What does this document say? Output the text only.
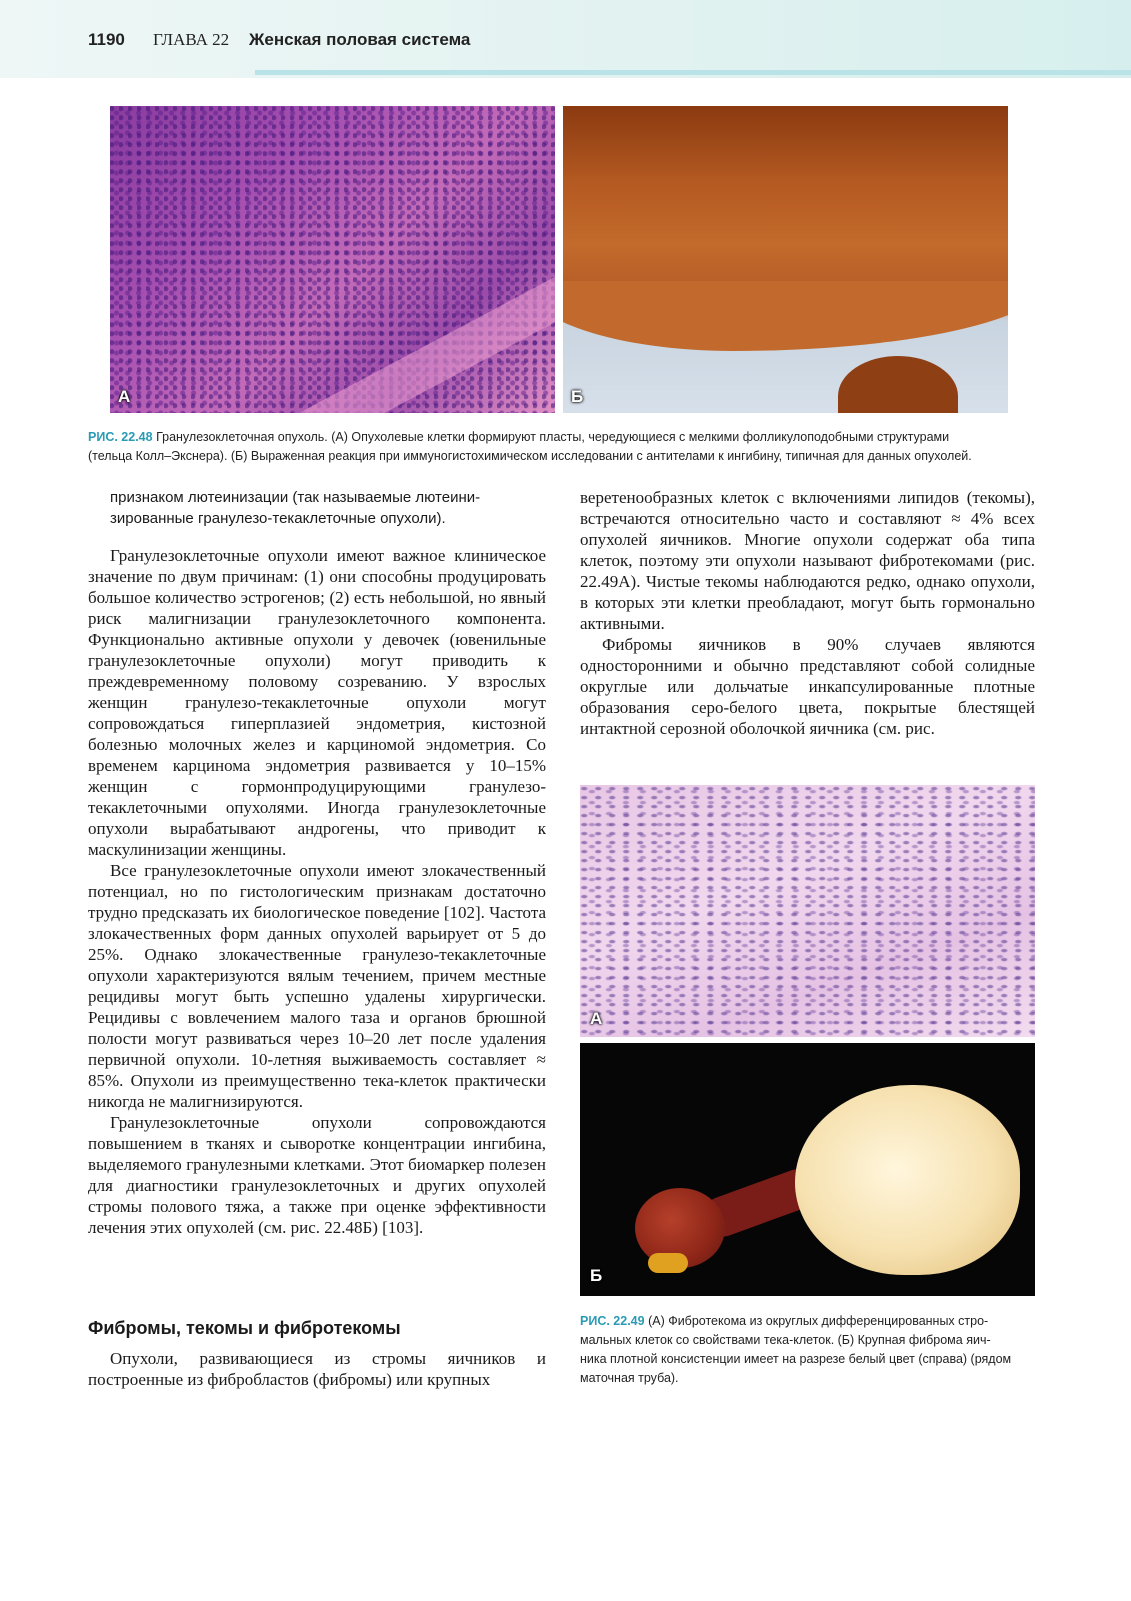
1190 ГЛАВА 22 Женская половая система
А	Б
РИС. 22.48 Гранулезоклеточная опухоль. (А) Опухолевые клетки формируют пласты, чередующиеся с мелкими фолликулоподобными структурами
(тельца Колл–Экснера). (Б) Выраженная реакция при иммуногистохимическом исследовании с антителами к ингибину, типичная для данных опухолей.
признаком лютеинизации (так называемые лютеини-
зированные гранулезо-текаклеточные опухоли).

Гранулезоклеточные опухоли имеют важное клиническое значение по двум причинам: (1) они способны продуцировать большое количество эстрогенов; (2) есть небольшой, но явный риск малигнизации гранулезоклеточного компонента. Функционально активные опухоли у девочек (ювенильные гранулезоклеточные опухоли) могут приводить к преждевременному половому созреванию. У взрослых женщин гранулезо-текаклеточные опухоли могут сопровождаться гиперплазией эндометрия, кистозной болезнью молочных желез и карциномой эндометрия. Со временем карцинома эндометрия развивается у 10–15% женщин с гормонпродуцирующими гранулезо-текаклеточными опухолями. Иногда гранулезоклеточные опухоли вырабатывают андрогены, что приводит к маскулинизации женщины.

Все гранулезоклеточные опухоли имеют злокачественный потенциал, но по гистологическим признакам достаточно трудно предсказать их биологическое поведение [102]. Частота злокачественных форм данных опухолей варьирует от 5 до 25%. Однако злокачественные гранулезо-текаклеточные опухоли характеризуются вялым течением, причем местные рецидивы могут быть успешно удалены хирургически. Рецидивы с вовлечением малого таза и органов брюшной полости могут развиваться через 10–20 лет после удаления первичной опухоли. 10-летняя выживаемость составляет ≈ 85%. Опухоли из преимущественно тека-клеток практически никогда не малигнизируются.

Гранулезоклеточные опухоли сопровождаются повышением в тканях и сыворотке концентрации ингибина, выделяемого гранулезными клетками. Этот биомаркер полезен для диагностики гранулезоклеточных и других опухолей стромы полового тяжа, а также при оценке эффективности лечения этих опухолей (см. рис. 22.48Б) [103].

Фибромы, текомы и фибротекомы

Опухоли, развивающиеся из стромы яичников и построенные из фибробластов (фибромы) или крупных

веретенообразных клеток с включениями липидов (текомы), встречаются относительно часто и составляют ≈ 4% всех опухолей яичников. Многие опухоли содержат оба типа клеток, поэтому эти опухоли называют фибротекомами (рис. 22.49А). Чистые текомы наблюдаются редко, однако опухоли, в которых эти клетки преобладают, могут быть гормонально активными.

Фибромы яичников в 90% случаев являются односторонними и обычно представляют собой солидные округлые или дольчатые инкапсулированные плотные образования серо-белого цвета, покрытые блестящей интактной серозной оболочкой яичника (см. рис.

А
Б
РИС. 22.49 (А) Фибротекома из округлых дифференцированных стро-
мальных клеток со свойствами тека-клеток. (Б) Крупная фиброма яич-
ника плотной консистенции имеет на разрезе белый цвет (справа) (рядом
маточная труба).
